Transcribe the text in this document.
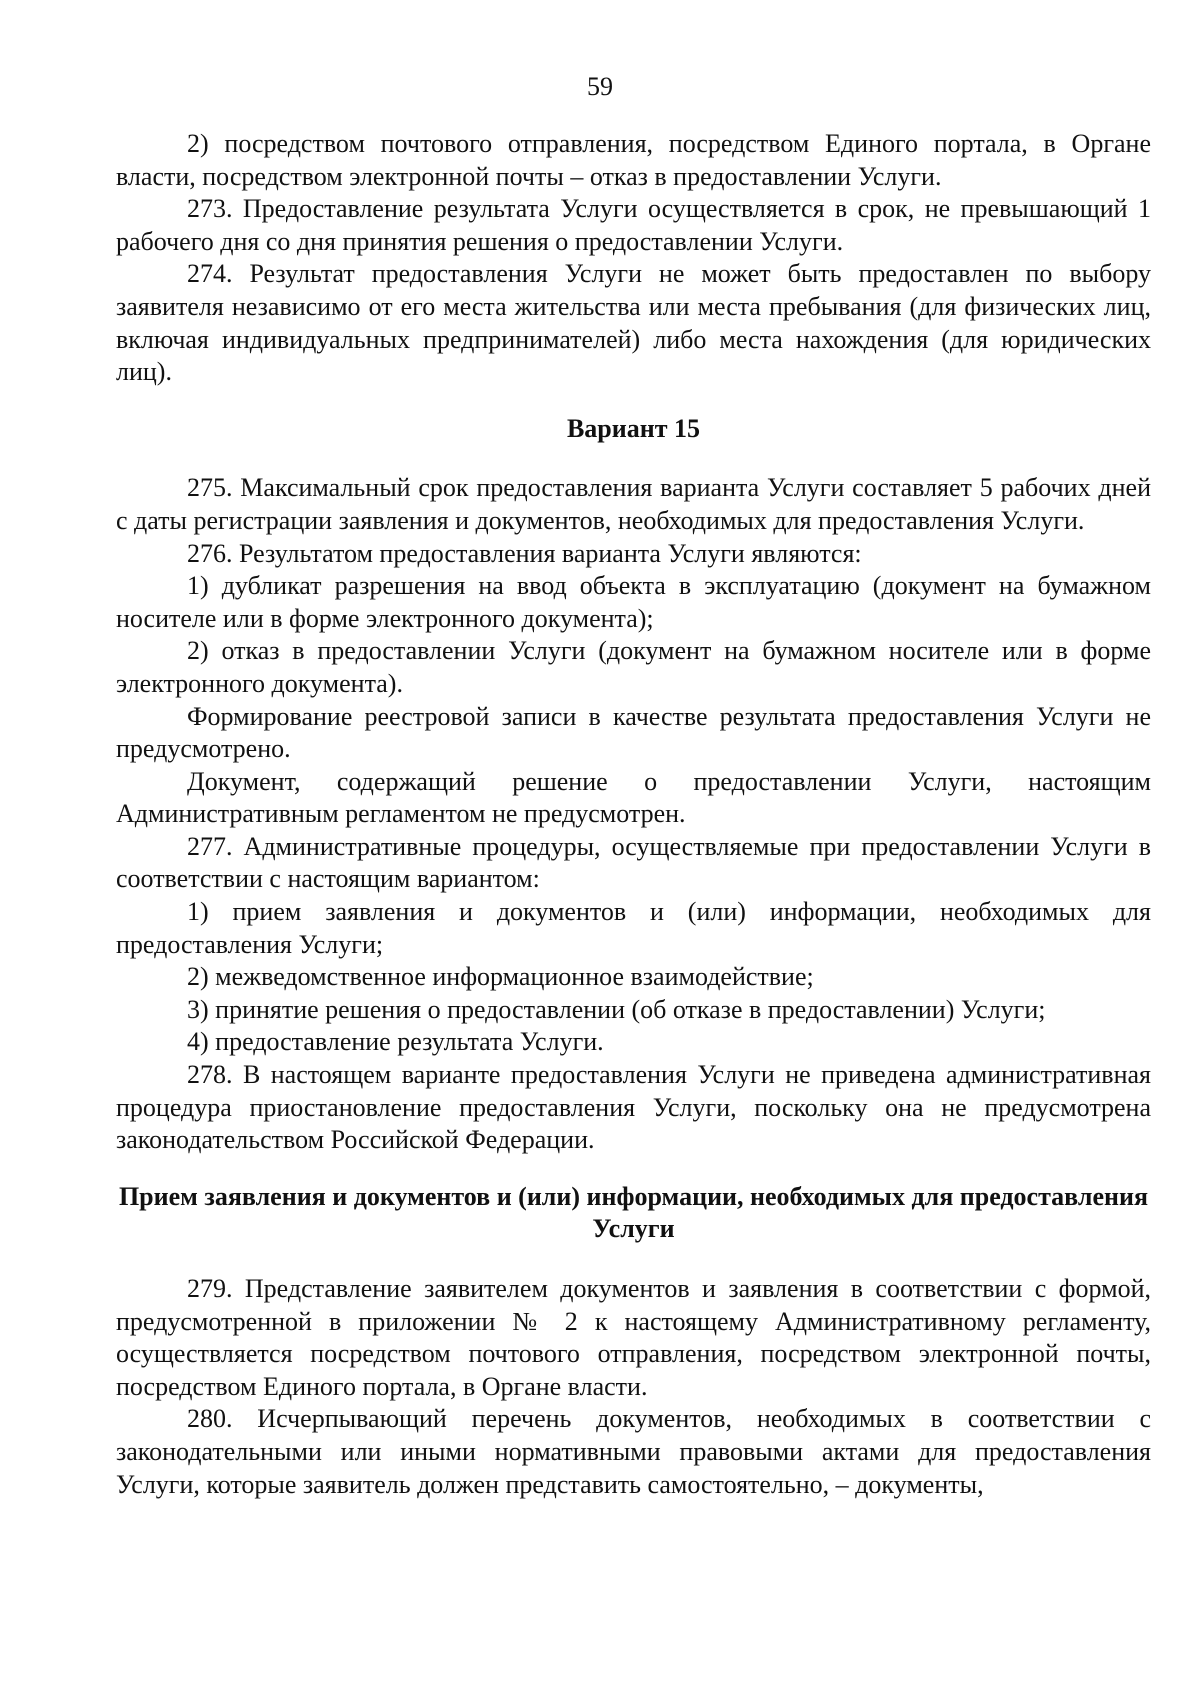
59

2) посредством почтового отправления, посредством Единого портала, в Органе власти, посредством электронной почты – отказ в предоставлении Услуги.

273. Предоставление результата Услуги осуществляется в срок, не превышающий 1 рабочего дня со дня принятия решения о предоставлении Услуги.

274. Результат предоставления Услуги не может быть предоставлен по выбору заявителя независимо от его места жительства или места пребывания (для физических лиц, включая индивидуальных предпринимателей) либо места нахождения (для юридических лиц).

Вариант 15

275. Максимальный срок предоставления варианта Услуги составляет 5 рабочих дней с даты регистрации заявления и документов, необходимых для предоставления Услуги.

276. Результатом предоставления варианта Услуги являются:

1) дубликат разрешения на ввод объекта в эксплуатацию (документ на бумажном носителе или в форме электронного документа);

2) отказ в предоставлении Услуги (документ на бумажном носителе или в форме электронного документа).

Формирование реестровой записи в качестве результата предоставления Услуги не предусмотрено.

Документ, содержащий решение о предоставлении Услуги, настоящим Административным регламентом не предусмотрен.

277. Административные процедуры, осуществляемые при предоставлении Услуги в соответствии с настоящим вариантом:

1) прием заявления и документов и (или) информации, необходимых для предоставления Услуги;

2) межведомственное информационное взаимодействие;

3) принятие решения о предоставлении (об отказе в предоставлении) Услуги;

4) предоставление результата Услуги.

278. В настоящем варианте предоставления Услуги не приведена административная процедура приостановление предоставления Услуги, поскольку она не предусмотрена законодательством Российской Федерации.

Прием заявления и документов и (или) информации, необходимых для предоставления Услуги

279. Представление заявителем документов и заявления в соответствии с формой, предусмотренной в приложении № 2 к настоящему Административному регламенту, осуществляется посредством почтового отправления, посредством электронной почты, посредством Единого портала, в Органе власти.

280. Исчерпывающий перечень документов, необходимых в соответствии с законодательными или иными нормативными правовыми актами для предоставления Услуги, которые заявитель должен представить самостоятельно, – документы,
